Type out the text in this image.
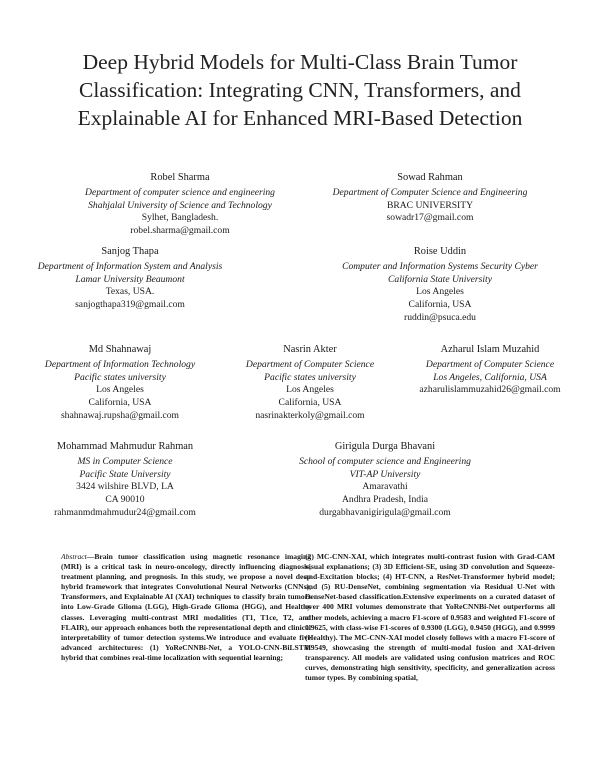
Deep Hybrid Models for Multi-Class Brain Tumor Classification: Integrating CNN, Transformers, and Explainable AI for Enhanced MRI-Based Detection
Robel Sharma
Department of computer science and engineering
Shahjalal University of Science and Technology
Sylhet, Bangladesh.
robel.sharma@gmail.com
Sowad Rahman
Department of Computer Science and Engineering
BRAC UNIVERSITY
sowadr17@gmail.com
Sanjog Thapa
Department of Information System and Analysis
Lamar University Beaumont
Texas, USA.
sanjogthapa319@gmail.com
Roise Uddin
Computer and Information Systems Security Cyber
California State University
Los Angeles
California, USA
ruddin@psuca.edu
Md Shahnawaj
Department of Information Technology
Pacific states university
Los Angeles
California, USA
shahnawaj.rupsha@gmail.com
Nasrin Akter
Department of Computer Science
Pacific states university
Los Angeles
California, USA
nasrinakterkoly@gmail.com
Azharul Islam Muzahid
Department of Computer Science
Los Angeles, California, USA
azharulislammuzahid26@gmail.com
Mohammad Mahmudur Rahman
MS in Computer Science
Pacific State University
3424 wilshire BLVD, LA
CA 90010
rahmanmdmahmudur24@gmail.com
Girigula Durga Bhavani
School of computer science and Engineering
VIT-AP University
Amaravathi
Andhra Pradesh, India
durgabhavanigirigula@gmail.com
Abstract—Brain tumor classification using magnetic resonance imaging (MRI) is a critical task in neuro-oncology, directly influencing diagnosis, treatment planning, and prognosis. In this study, we propose a novel deep hybrid framework that integrates Convolutional Neural Networks (CNNs), Transformers, and Explainable AI (XAI) techniques to classify brain tumors into Low-Grade Glioma (LGG), High-Grade Glioma (HGG), and Healthy classes. Leveraging multi-contrast MRI modalities (T1, T1ce, T2, and FLAIR), our approach enhances both the representational depth and clinical interpretability of tumor detection systems.We introduce and evaluate five advanced architectures: (1) YoReCNNBi-Net, a YOLO-CNN-BiLSTM hybrid that combines real-time localization with sequential learning;
(2) MC-CNN-XAI, which integrates multi-contrast fusion with Grad-CAM visual explanations; (3) 3D Efficient-SE, using 3D convolution and Squeeze-and-Excitation blocks; (4) HT-CNN, a ResNet-Transformer hybrid model; and (5) RU-DenseNet, combining segmentation via Residual U-Net with DenseNet-based classification.Extensive experiments on a curated dataset of over 400 MRI volumes demonstrate that YoReCNNBi-Net outperforms all other models, achieving a macro F1-score of 0.9583 and weighted F1-score of 0.9625, with class-wise F1-scores of 0.9300 (LGG), 0.9450 (HGG), and 0.9999 (Healthy). The MC-CNN-XAI model closely follows with a macro F1-score of 0.9549, showcasing the strength of multi-modal fusion and XAI-driven transparency. All models are validated using confusion matrices and ROC curves, demonstrating high sensitivity, specificity, and generalization across tumor types. By combining spatial,
